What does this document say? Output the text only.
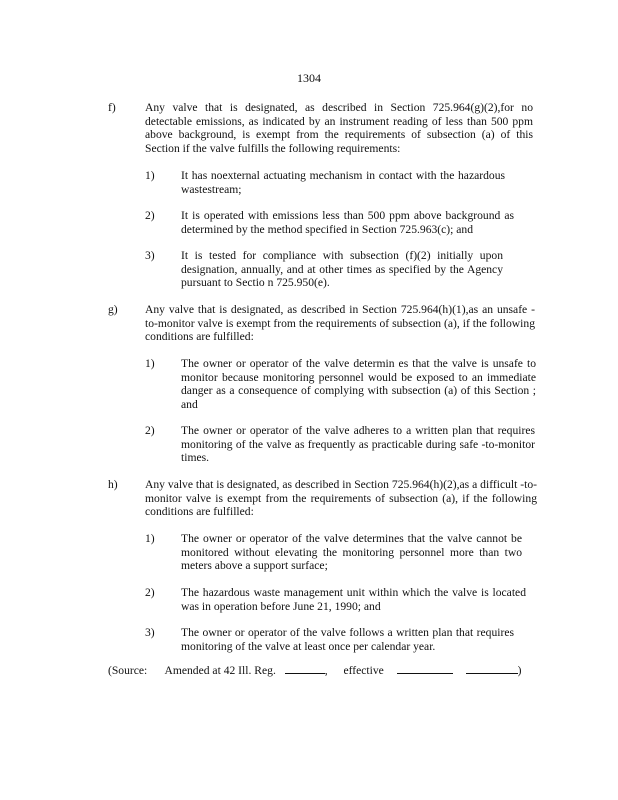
1304
f)	Any valve that is designated, as described in Section 725.964(g)(2),for no detectable emissions, as indicated by an instrument reading of less than 500 ppm above background, is exempt from the requirements of subsection (a) of this Section if the valve fulfills the following requirements:
1) It has noexternal actuating mechanism in contact with the hazardous wastestream;
2) It is operated with emissions less than 500 ppm above background as determined by the method specified in Section 725.963(c); and
3) It is tested for compliance with subsection (f)(2) initially upon designation, annually, and at other times as specified by the Agency pursuant to Sectio n 725.950(e).
g) Any valve that is designated, as described in Section 725.964(h)(1),as an unsafe -to-monitor valve is exempt from the requirements of subsection (a), if the following conditions are fulfilled:
1) The owner or operator of the valve determin es that the valve is unsafe to monitor because monitoring personnel would be exposed to an immediate danger as a consequence of complying with subsection (a) of this Section ; and
2) The owner or operator of the valve adheres to a written plan that requires monitoring of the valve as frequently as practicable during safe -to-monitor times.
h) Any valve that is designated, as described in Section 725.964(h)(2),as a difficult -to-monitor valve is exempt from the requirements of subsection (a), if the following conditions are fulfilled:
1) The owner or operator of the valve determines that the valve cannot be monitored without elevating the monitoring personnel more than two meters above a support surface;
2) The hazardous waste management unit within which the valve is located was in operation before June 21, 1990; and
3) The owner or operator of the valve follows a written plan that requires monitoring of the valve at least once per calendar year.
(Source: Amended at 42 Ill. Reg.	, effective	)
